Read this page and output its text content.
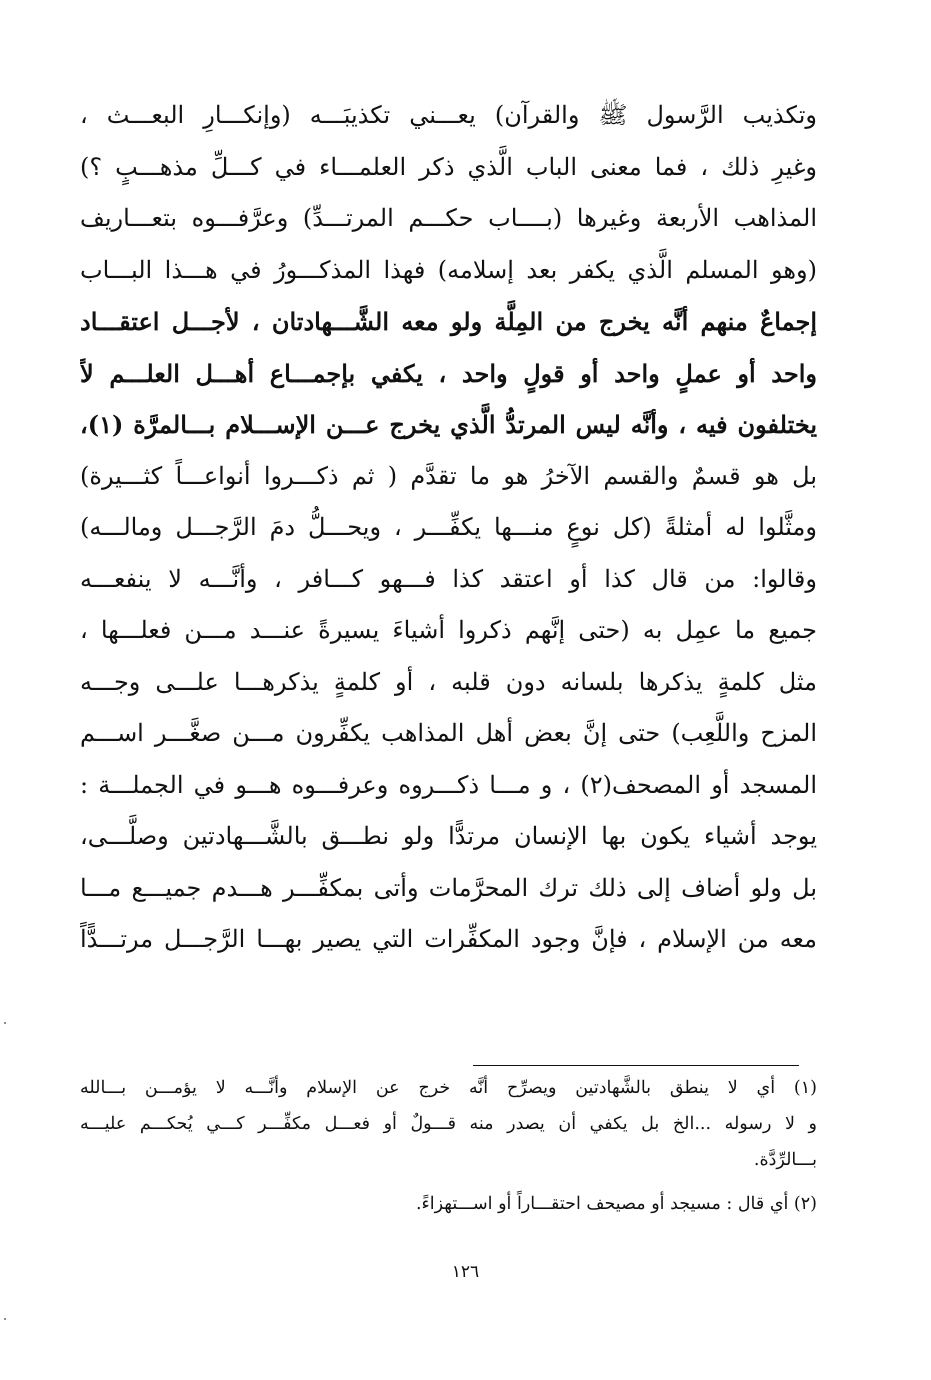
وتكذيب الرَّسول ﷺ والقرآن) يعـــني تكذيبَـــه (وإنكـــارِ البعـــث ،
وغيرِ ذلك ، فما معنى الباب الَّذي ذكر العلمـــاء في كـــلِّ مذهـــبٍ ؟)
المذاهب الأربعة وغيرها (بــــاب حكـــم المرتـــدِّ) وعرَّفـــوه بتعـــاريف
(وهو المسلم الَّذي يكفر بعد إسلامه) فهذا المذكـــورُ في هـــذا البـــاب
إجماعٌ منهم أنَّه يخرج من المِلَّة ولو معه الشَّـــهادتان ، لأجـــل اعتقـــاد
واحد أو عملٍ واحد أو قولٍ واحد ، يكفي بإجمـــاع أهـــل العلـــم لاً
يختلفون فيه ، وأنَّه ليس المرتدُّ الَّذي يخرج عـــن الإســـلام بـــالمرَّة (١)،
بل هو قسمٌ والقسم الآخرُ هو ما تقدَّم ( ثم ذكـــروا أنواعـــاً كثـــيرة)
ومثَّلوا له أمثلةً (كل نوعٍ منـــها يكفِّـــر ، ويحـــلُّ دمَ الرَّجـــل ومالـــه)
وقالوا: من قال كذا أو اعتقد كذا فـــهو كـــافر ، وأنَّـــه لا ينفعـــه
جميع ما عمِل به (حتى إنَّهم ذكروا أشياءَ يسيرةً عنـــد مـــن فعلـــها ،
مثل كلمةٍ يذكرها بلسانه دون قلبه ، أو كلمةٍ يذكرهـــا علـــى وجـــه
المزح واللَّعِب) حتى إنَّ بعض أهل المذاهب يكفِّرون مـــن صغَّـــر اســـم
المسجد أو المصحف(٢) ، و مـــا ذكـــروه وعرفـــوه هـــو في الجملـــة :
يوجد أشياء يكون بها الإنسان مرتدًّا ولو نطـــق بالشَّـــهادتين وصلَّـــى،
بل ولو أضاف إلى ذلك ترك المحرَّمات وأتى بمكفِّـــر هـــدم جميـــع مـــا
معه من الإسلام ، فإنَّ وجود المكفِّرات التي يصير بهـــا الرَّجـــل مرتـــدًّاً
(١) أي لا ينطق بالشَّهادتين ويصرِّح أنَّه خرج عن الإسلام وأنَّـــه لا يؤمـــن بـــالله
و لا رسوله ...الخ بل يكفي أن يصدر منه قـــولٌ أو فعـــل مكفِّـــر كـــي يُحكـــم عليـــه
بـــالرِّدَّة.
(٢) أي قال : مسيجد أو مصيحف احتقـــاراً أو اســـتهزاءً.
١٢٦
